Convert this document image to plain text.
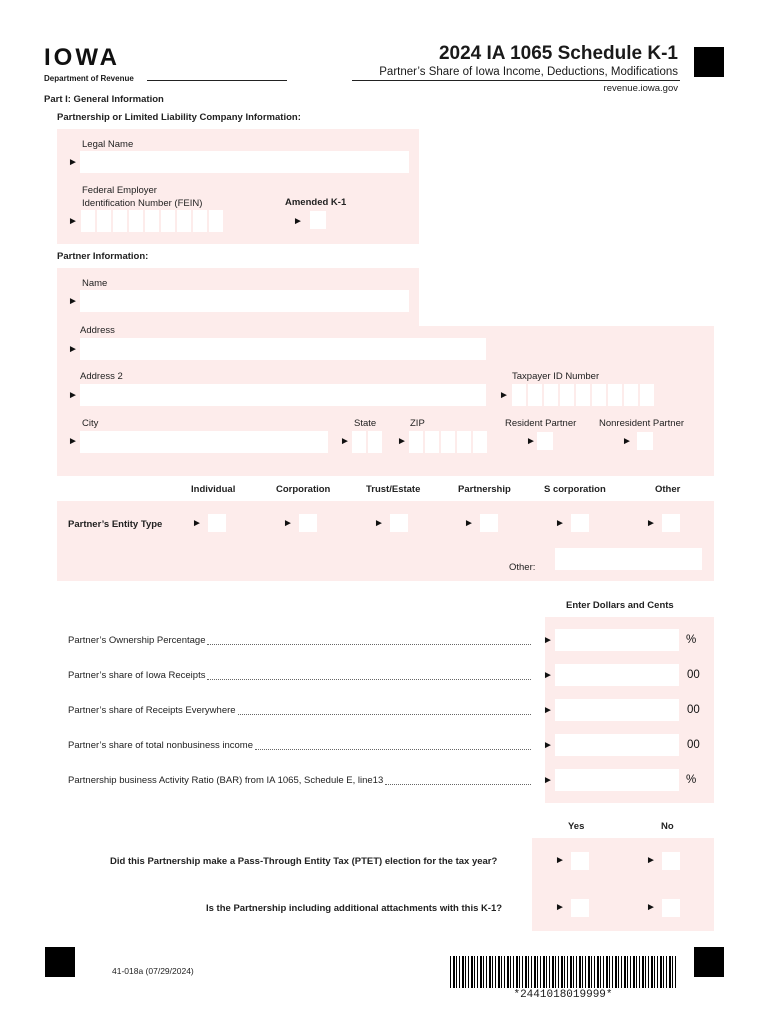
IOWA
Department of Revenue
2024 IA 1065 Schedule K-1
Partner’s Share of Iowa Income, Deductions, Modifications
revenue.iowa.gov
Part I: General Information
Partnership or Limited Liability Company Information:
Legal Name
►
Federal Employer
Identification Number (FEIN)
►
Amended K-1
►
Partner Information:
Name
►
Address
►
Address 2
►
Taxpayer ID Number
►
City
►
State
►
ZIP
►
Resident Partner
►
Nonresident Partner
►
Individual	Corporation	Trust/Estate	Partnership	S corporation	Other
Partner’s Entity Type	►	►	►	►	►	►
Other:
Enter Dollars and Cents
Partner’s Ownership Percentage	►	%
Partner’s share of Iowa Receipts	►	00
Partner’s share of Receipts Everywhere	►	00
Partner’s share of total nonbusiness income	►	00
Partnership business Activity Ratio (BAR) from IA 1065, Schedule E, line13	►	%
Yes	No
Did this Partnership make a Pass-Through Entity Tax (PTET) election for the tax year?	►	►
Is the Partnership including additional attachments with this K-1?	►	►
41-018a (07/29/2024)
*2441018019999*
